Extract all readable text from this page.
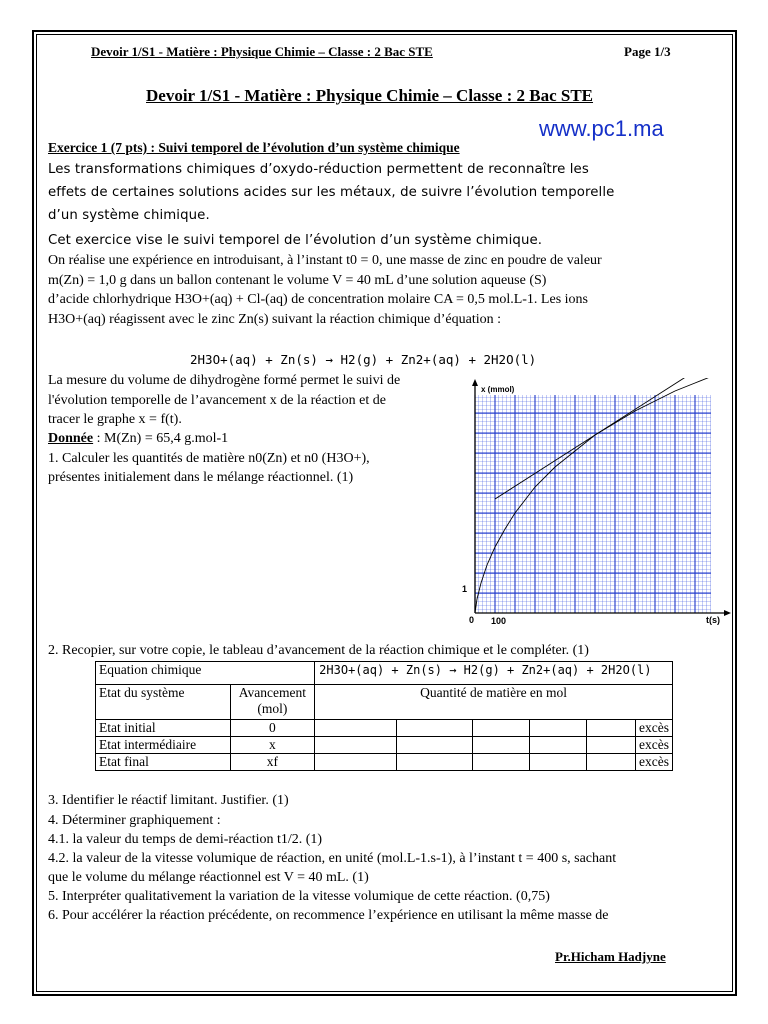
Devoir 1/S1 - Matière : Physique Chimie – Classe : 2 Bac STE	Page 1/3
Devoir 1/S1 - Matière : Physique Chimie – Classe : 2 Bac STE
www.pc1.ma
Exercice 1 (7 pts) : Suivi temporel de l’évolution d’un système chimique
Les transformations chimiques d’oxydo-réduction permettent de reconnaître les
effets de certaines solutions acides sur les métaux, de suivre l’évolution temporelle
d’un système chimique.
Cet exercice vise le suivi temporel de l’évolution d’un système chimique.
On réalise une expérience en introduisant, à l’instant t0 = 0, une masse de zinc en poudre de valeur
m(Zn) = 1,0 g dans un ballon contenant le volume V = 40 mL d’une solution aqueuse (S)
d’acide chlorhydrique H3O+(aq) + Cl-(aq) de concentration molaire CA = 0,5 mol.L-1. Les ions
H3O+(aq) réagissent avec le zinc Zn(s) suivant la réaction chimique d’équation :
2H3O+(aq) + Zn(s) → H2(g) + Zn2+(aq) + 2H2O(l)
La mesure du volume de dihydrogène formé permet le suivi de
l'évolution temporelle de l’avancement x de la réaction et de
tracer le graphe x = f(t).
Donnée : M(Zn) = 65,4 g.mol-1
1. Calculer les quantités de matière n0(Zn) et n0 (H3O+),
présentes initialement dans le mélange réactionnel. (1)
x (mmol)
t(s)
0 100
1
2. Recopier, sur votre copie, le tableau d’avancement de la réaction chimique et le compléter. (1)
Equation chimique		2H3O+(aq) + Zn(s) → H2(g) + Zn2+(aq) + 2H2O(l)					
Etat du système	Avancement
(mol)	Quantité de matière en mol					
Etat initial	0						excès
Etat intermédiaire	x						excès
Etat final	xf						excès
3. Identifier le réactif limitant. Justifier. (1)
4. Déterminer graphiquement :
4.1. la valeur du temps de demi-réaction t1/2. (1)
4.2. la valeur de la vitesse volumique de réaction, en unité (mol.L-1.s-1), à l’instant t = 400 s, sachant
que le volume du mélange réactionnel est V = 40 mL. (1)
5. Interpréter qualitativement la variation de la vitesse volumique de cette réaction. (0,75)
6. Pour accélérer la réaction précédente, on recommence l’expérience en utilisant la même masse de
Pr.Hicham Hadjyne
